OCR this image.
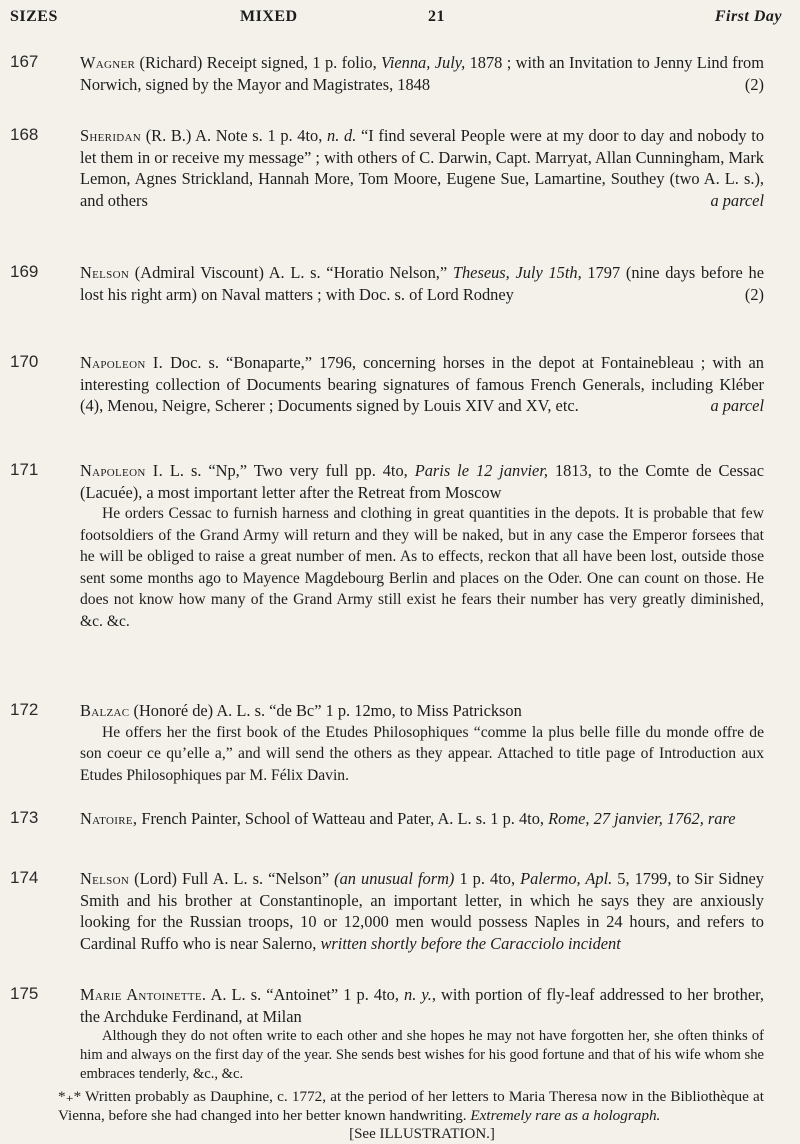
SIZES	MIXED	21	First Day
167	Wagner (Richard) Receipt signed, 1 p. folio, Vienna, July, 1878 ; with an Invitation to Jenny Lind from Norwich, signed by the Mayor and Magistrates, 1848	(2)

168	Sheridan (R. B.) A. Note s. 1 p. 4to, n. d. “I find several People were at my door to day and nobody to let them in or receive my message” ; with others of C. Darwin, Capt. Marryat, Allan Cunningham, Mark Lemon, Agnes Strickland, Hannah More, Tom Moore, Eugene Sue, Lamartine, Southey (two A. L. s.), and others	a parcel

169	Nelson (Admiral Viscount) A. L. s. “Horatio Nelson,” Theseus, July 15th, 1797 (nine days before he lost his right arm) on Naval matters ; with Doc. s. of Lord Rodney	(2)

170	Napoleon I. Doc. s. “Bonaparte,” 1796, concerning horses in the depot at Fontainebleau ; with an interesting collection of Documents bearing signatures of famous French Generals, including Kléber (4), Menou, Neigre, Scherer ; Documents signed by Louis XIV and XV, etc.	a parcel

171	Napoleon I. L. s. “Np,” Two very full pp. 4to, Paris le 12 janvier, 1813, to the Comte de Cessac (Lacuée), a most important letter after the Retreat from Moscow

He orders Cessac to furnish harness and clothing in great quantities in the depots. It is probable that few footsoldiers of the Grand Army will return and they will be naked, but in any case the Emperor forsees that he will be obliged to raise a great number of men. As to effects, reckon that all have been lost, outside those sent some months ago to Mayence Magdebourg Berlin and places on the Oder. One can count on those. He does not know how many of the Grand Army still exist he fears their number has very greatly diminished, &c. &c.

172	Balzac (Honoré de) A. L. s. “de Bc” 1 p. 12mo, to Miss Patrickson

He offers her the first book of the Etudes Philosophiques “comme la plus belle fille du monde offre de son coeur ce qu’elle a,” and will send the others as they appear. Attached to title page of Introduction aux Etudes Philosophiques par M. Félix Davin.

173	Natoire, French Painter, School of Watteau and Pater, A. L. s. 1 p. 4to, Rome, 27 janvier, 1762, rare

174	Nelson (Lord) Full A. L. s. “Nelson” (an unusual form) 1 p. 4to, Palermo, Apl. 5, 1799, to Sir Sidney Smith and his brother at Constantinople, an important letter, in which he says they are anxiously looking for the Russian troops, 10 or 12,000 men would possess Naples in 24 hours, and refers to Cardinal Ruffo who is near Salerno, written shortly before the Caracciolo incident

175	Marie Antoinette. A. L. s. “Antoinet” 1 p. 4to, n. y., with portion of fly-leaf addressed to her brother, the Archduke Ferdinand, at Milan

Although they do not often write to each other and she hopes he may not have forgotten her, she often thinks of him and always on the first day of the year. She sends best wishes for his good fortune and that of his wife whom she embraces tenderly, &c., &c.

*₊* Written probably as Dauphine, c. 1772, at the period of her letters to Maria Theresa now in the Bibliothèque at Vienna, before she had changed into her better known handwriting. Extremely rare as a holograph.

[See ILLUSTRATION.]
